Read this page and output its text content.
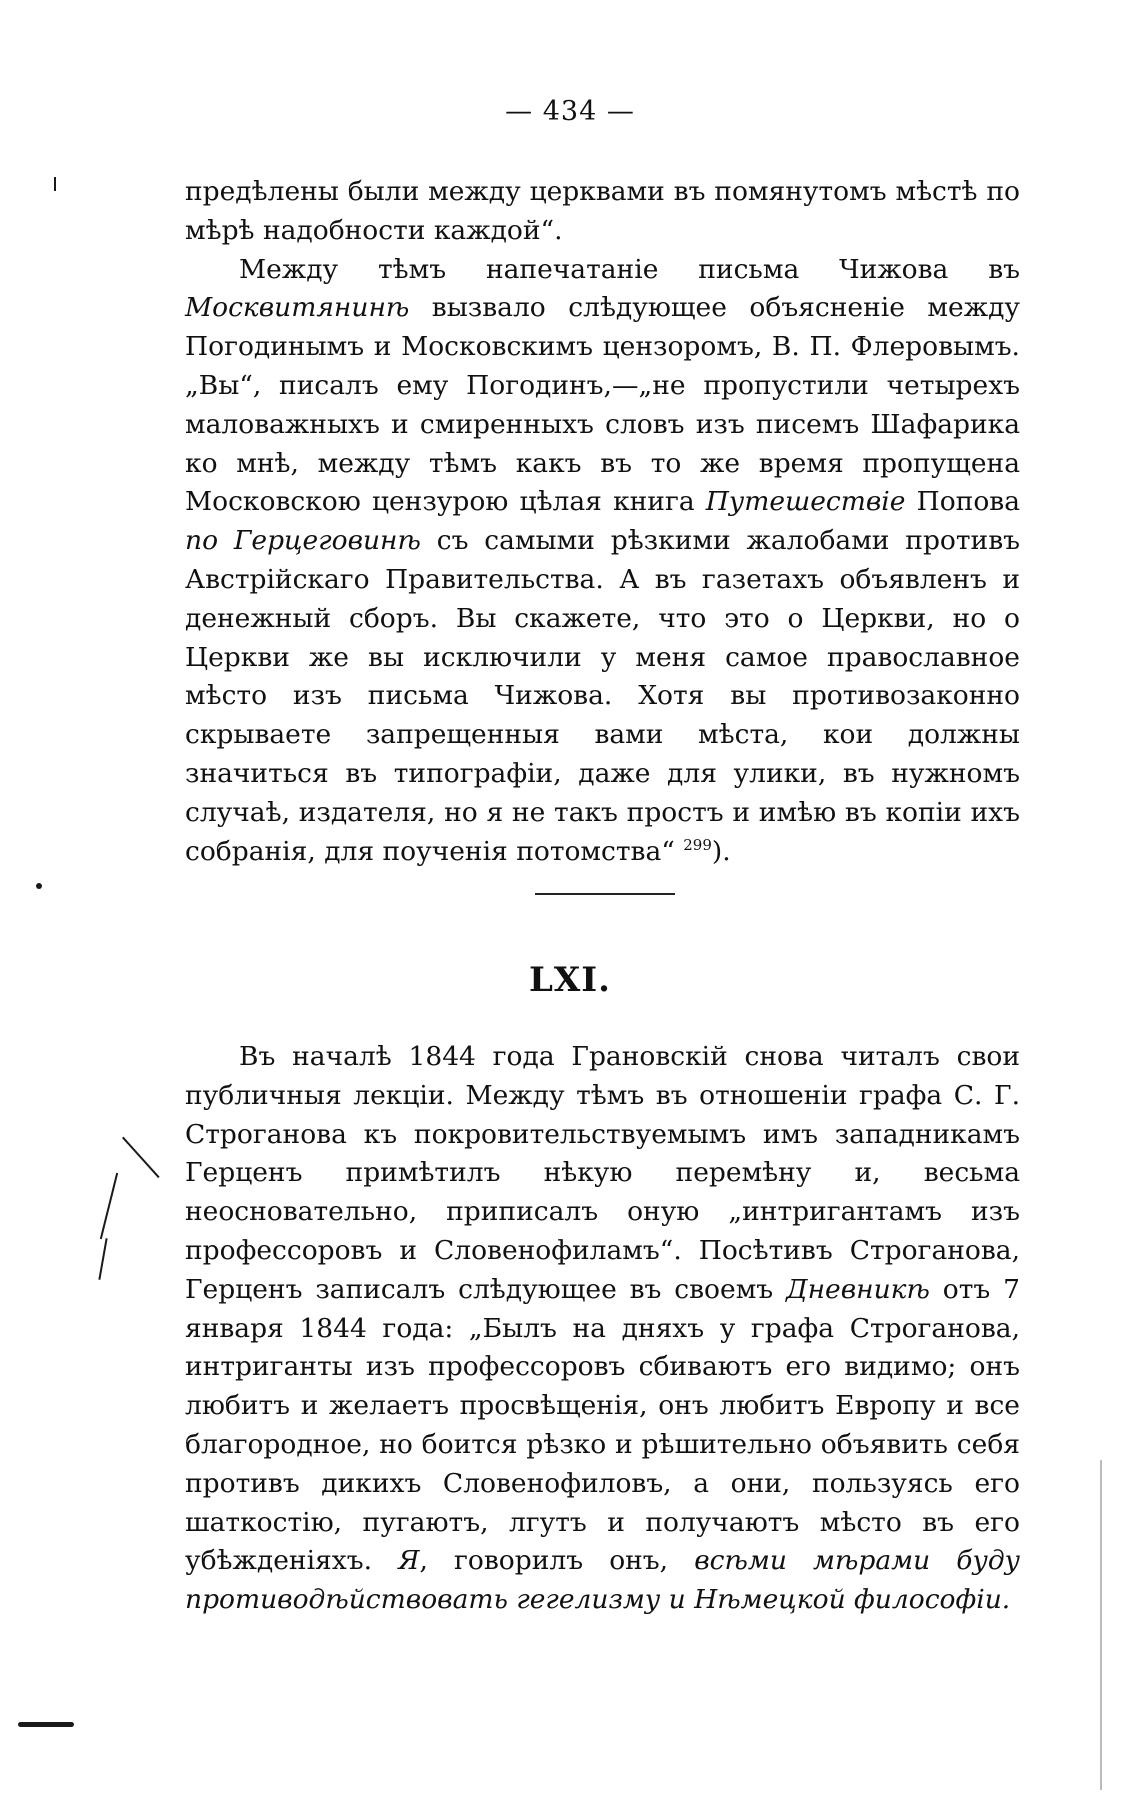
— 434 —

предѣлены были между церквами въ помянутомъ мѣстѣ по мѣрѣ надобности каждой“.

Между тѣмъ напечатаніе письма Чижова въ Москвитянинѣ вызвало слѣдующее объясненіе между Погодинымъ и Московскимъ цензоромъ, В. П. Флеровымъ. „Вы“, писалъ ему Погодинъ,—„не пропустили четырехъ маловажныхъ и смиренныхъ словъ изъ писемъ Шафарика ко мнѣ, между тѣмъ какъ въ то же время пропущена Московскою цензурою цѣлая книга Путешествіе Попова по Герцеговинѣ съ самыми рѣзкими жалобами противъ Австрійскаго Правительства. А въ газетахъ объявленъ и денежный сборъ. Вы скажете, что это о Церкви, но о Церкви же вы исключили у меня самое православное мѣсто изъ письма Чижова. Хотя вы противозаконно скрываете запрещенныя вами мѣста, кои должны значиться въ типографіи, даже для улики, въ нужномъ случаѣ, издателя, но я не такъ простъ и имѣю въ копіи ихъ собранія, для поученія потомства“ $^{299}$).

LXI.

Въ началѣ 1844 года Грановскій снова читалъ свои публичныя лекціи. Между тѣмъ въ отношеніи графа С. Г. Строганова къ покровительствуемымъ имъ западникамъ Герценъ примѣтилъ нѣкую перемѣну и, весьма неосновательно, приписалъ оную „интригантамъ изъ профессоровъ и Словенофиламъ“. Посѣтивъ Строганова, Герценъ записалъ слѣдующее въ своемъ Дневникѣ отъ 7 января 1844 года: „Былъ на дняхъ у графа Строганова, интриганты изъ профессоровъ сбиваютъ его видимо; онъ любитъ и желаетъ просвѣщенія, онъ любитъ Европу и все благородное, но боится рѣзко и рѣшительно объявить себя противъ дикихъ Словенофиловъ, а они, пользуясь его шаткостію, пугаютъ, лгутъ и получаютъ мѣсто въ его убѣжденіяхъ. Я, говорилъ онъ, всѣми мѣрами буду противодѣйствовать гегелизму и Нѣмецкой философіи.
